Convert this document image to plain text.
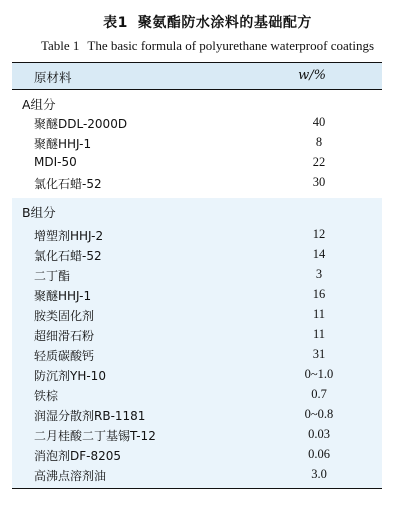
表1 聚氨酯防水涂料的基础配方
Table 1 The basic formula of polyurethane waterproof coatings
原材料	w/%
A组分
聚醚DDL-2000D	40
聚醚HHJ-1	8
MDI-50	22
氯化石蜡-52	30
B组分
增塑剂HHJ-2	12
氯化石蜡-52	14
二丁酯	3
聚醚HHJ-1	16
胺类固化剂	11
超细滑石粉	11
轻质碳酸钙	31
防沉剂YH-10	0~1.0
铁棕	0.7
润湿分散剂RB-1181	0~0.8
二月桂酸二丁基锡T-12	0.03
消泡剂DF-8205	0.06
高沸点溶剂油	3.0
